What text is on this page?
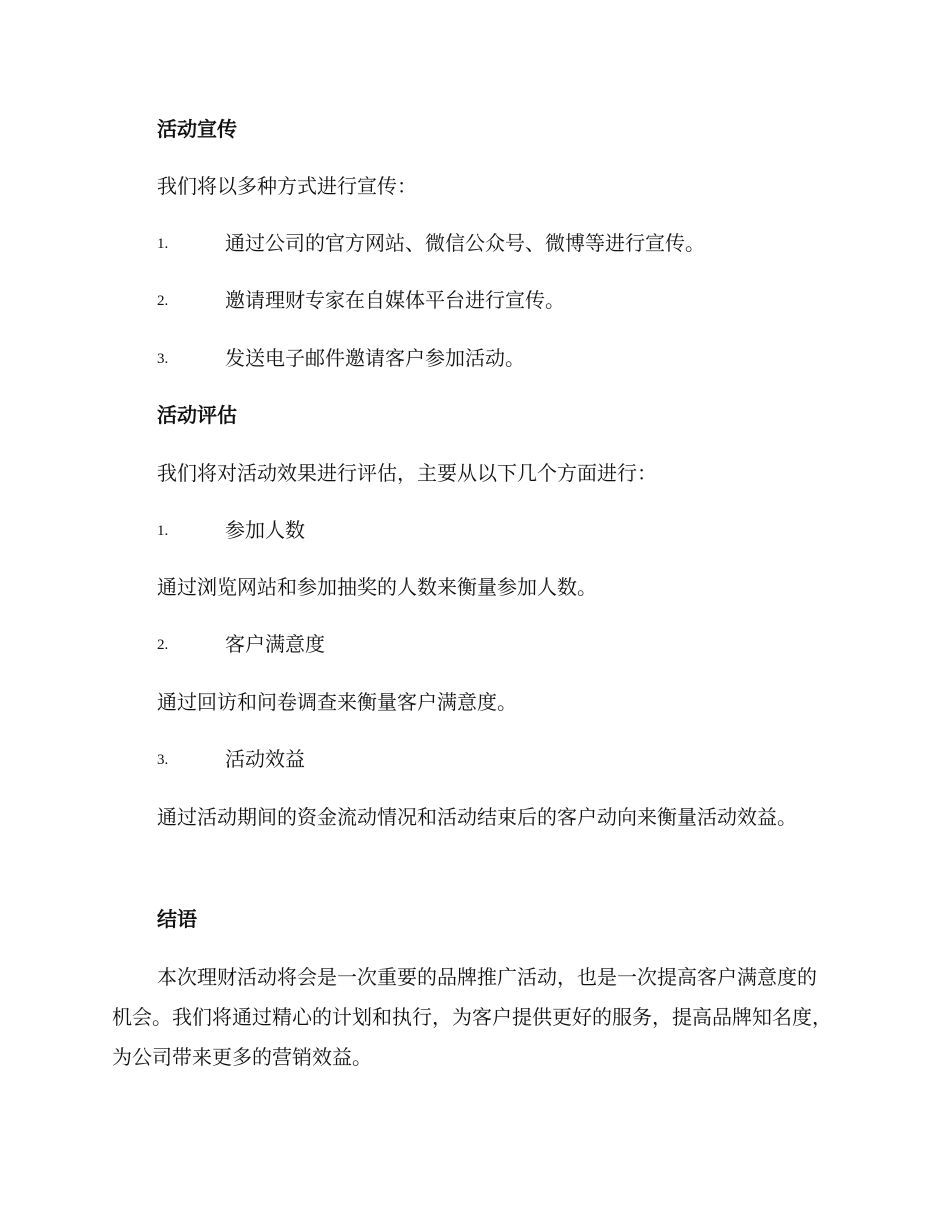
活动宣传
我们将以多种方式进行宣传：
1.	通过公司的官方网站、微信公众号、微博等进行宣传。
2.	邀请理财专家在自媒体平台进行宣传。
3.	发送电子邮件邀请客户参加活动。
活动评估
我们将对活动效果进行评估，主要从以下几个方面进行：
1.	参加人数
通过浏览网站和参加抽奖的人数来衡量参加人数。
2.	客户满意度
通过回访和问卷调查来衡量客户满意度。
3.	活动效益
通过活动期间的资金流动情况和活动结束后的客户动向来衡量活动效益。
结语
本次理财活动将会是一次重要的品牌推广活动，也是一次提高客户满意度的机会。我们将通过精心的计划和执行，为客户提供更好的服务，提高品牌知名度，为公司带来更多的营销效益。
